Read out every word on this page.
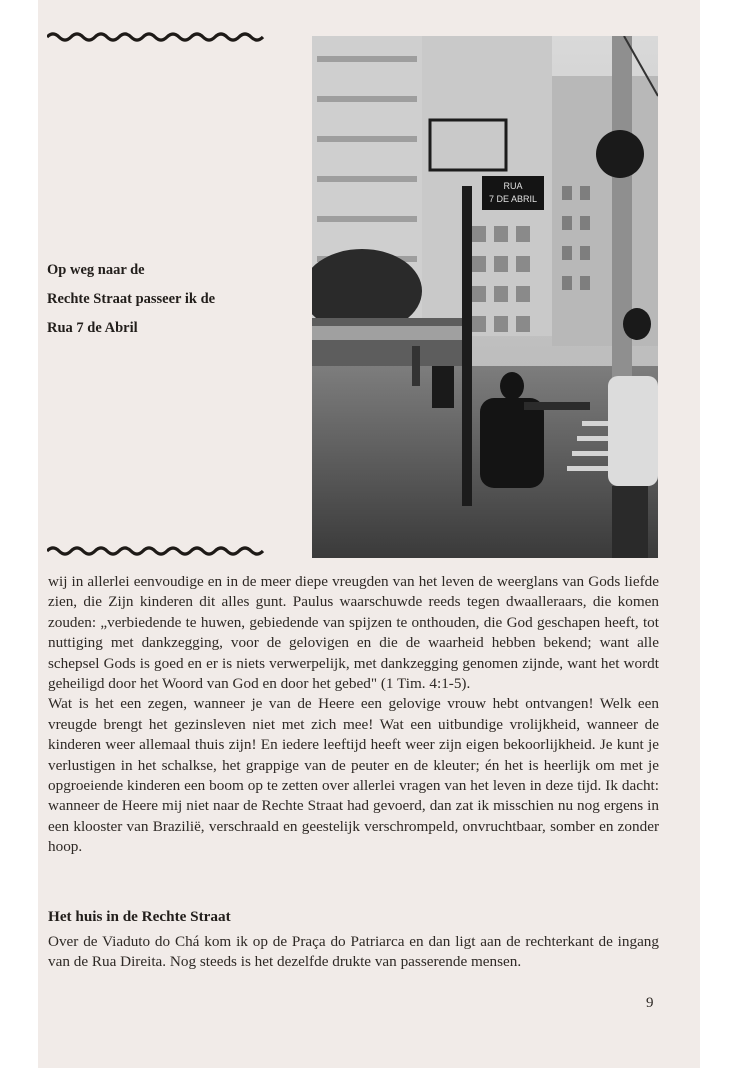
Op weg naar de
Rechte Straat passeer ik de
Rua 7 de Abril
RUA
7 DE ABRIL

wij in allerlei eenvoudige en in de meer diepe vreugden van het leven de weerglans van Gods liefde zien, die Zijn kinderen dit alles gunt. Paulus waarschuwde reeds tegen dwaalleraars, die komen zouden: „verbiedende te huwen, gebiedende van spijzen te onthouden, die God geschapen heeft, tot nuttiging met dankzegging, voor de gelovigen en die de waarheid hebben bekend; want alle schepsel Gods is goed en er is niets verwerpelijk, met dankzegging genomen zijnde, want het wordt geheiligd door het Woord van God en door het gebed" (1 Tim. 4:1-5).

Wat is het een zegen, wanneer je van de Heere een gelovige vrouw hebt ontvangen! Welk een vreugde brengt het gezinsleven niet met zich mee! Wat een uitbundige vrolijkheid, wanneer de kinderen weer allemaal thuis zijn! En iedere leeftijd heeft weer zijn eigen bekoorlijkheid. Je kunt je verlustigen in het schalkse, het grappige van de peuter en de kleuter; én het is heerlijk om met je opgroeiende kinderen een boom op te zetten over allerlei vragen van het leven in deze tijd. Ik dacht: wanneer de Heere mij niet naar de Rechte Straat had gevoerd, dan zat ik misschien nu nog ergens in een klooster van Brazilië, verschraald en geestelijk verschrompeld, onvruchtbaar, somber en zonder hoop.

Het huis in de Rechte Straat
Over de Viaduto do Chá kom ik op de Praça do Patriarca en dan ligt aan de rechterkant de ingang van de Rua Direita. Nog steeds is het dezelfde drukte van passerende mensen.
9
